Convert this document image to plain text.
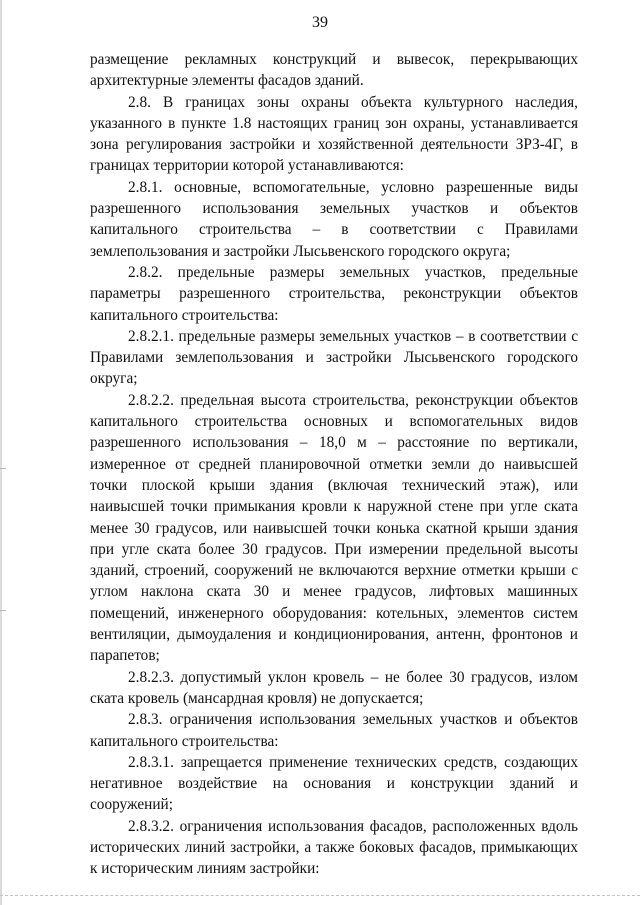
39

размещение рекламных конструкций и вывесок, перекрывающих архитектурные элементы фасадов зданий.

2.8. В границах зоны охраны объекта культурного наследия, указанного в пункте 1.8 настоящих границ зон охраны, устанавливается зона регулирования застройки и хозяйственной деятельности ЗРЗ-4Г, в границах территории которой устанавливаются:

2.8.1. основные, вспомогательные, условно разрешенные виды разрешенного использования земельных участков и объектов капитального строительства – в соответствии с Правилами землепользования и застройки Лысьвенского городского округа;

2.8.2. предельные размеры земельных участков, предельные параметры разрешенного строительства, реконструкции объектов капитального строительства:

2.8.2.1. предельные размеры земельных участков – в соответствии с Правилами землепользования и застройки Лысьвенского городского округа;

2.8.2.2. предельная высота строительства, реконструкции объектов капитального строительства основных и вспомогательных видов разрешенного использования – 18,0 м – расстояние по вертикали, измеренное от средней планировочной отметки земли до наивысшей точки плоской крыши здания (включая технический этаж), или наивысшей точки примыкания кровли к наружной стене при угле ската менее 30 градусов, или наивысшей точки конька скатной крыши здания при угле ската более 30 градусов. При измерении предельной высоты зданий, строений, сооружений не включаются верхние отметки крыши с углом наклона ската 30 и менее градусов, лифтовых машинных помещений, инженерного оборудования: котельных, элементов систем вентиляции, дымоудаления и кондиционирования, антенн, фронтонов и парапетов;

2.8.2.3. допустимый уклон кровель – не более 30 градусов, излом ската кровель (мансардная кровля) не допускается;

2.8.3. ограничения использования земельных участков и объектов капитального строительства:

2.8.3.1. запрещается применение технических средств, создающих негативное воздействие на основания и конструкции зданий и сооружений;

2.8.3.2. ограничения использования фасадов, расположенных вдоль исторических линий застройки, а также боковых фасадов, примыкающих к историческим линиям застройки:
